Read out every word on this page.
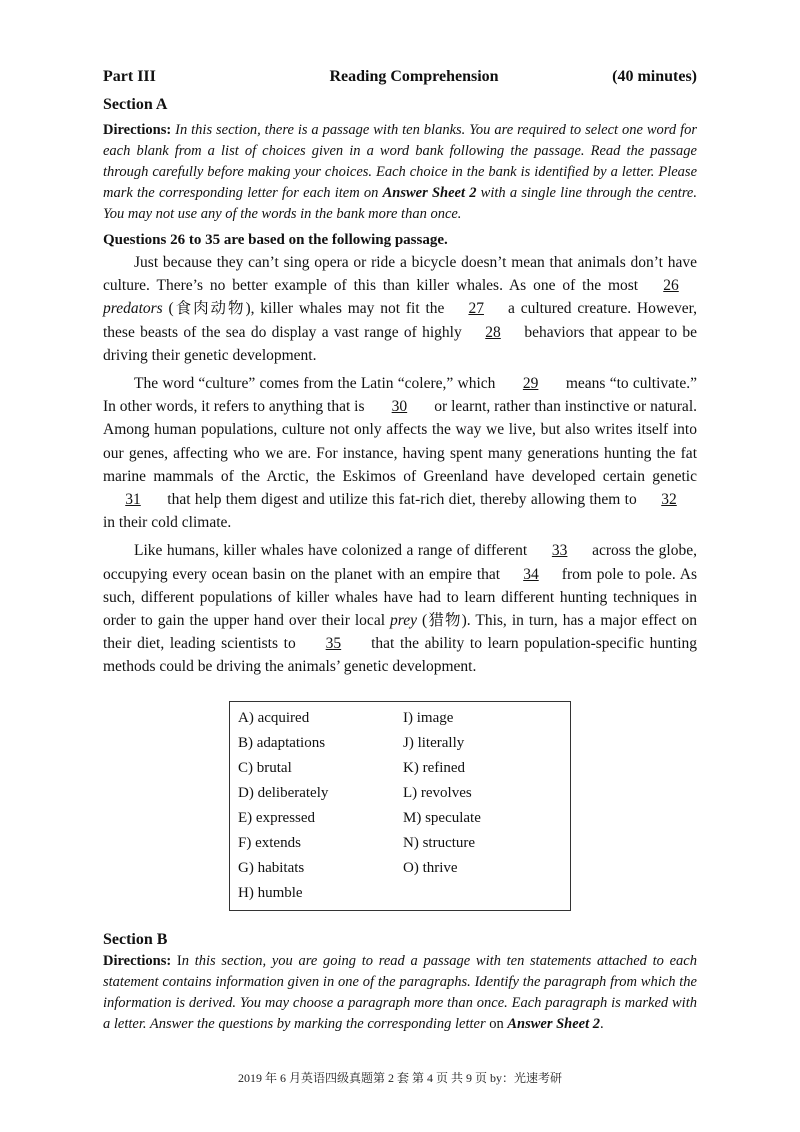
Part III	Reading Comprehension	(40 minutes)
Section A
Directions: In this section, there is a passage with ten blanks. You are required to select one word for each blank from a list of choices given in a word bank following the passage. Read the passage through carefully before making your choices. Each choice in the bank is identified by a letter. Please mark the corresponding letter for each item on Answer Sheet 2 with a single line through the centre. You may not use any of the words in the bank more than once.
Questions 26 to 35 are based on the following passage.

Just because they can’t sing opera or ride a bicycle doesn’t mean that animals don’t have culture. There’s no better example of this than killer whales. As one of the most 26 predators (食肉动物), killer whales may not fit the 27 a cultured creature. However, these beasts of the sea do display a vast range of highly 28 behaviors that appear to be driving their genetic development.

The word “culture” comes from the Latin “colere,” which 29 means “to cultivate.” In other words, it refers to anything that is 30 or learnt, rather than instinctive or natural. Among human populations, culture not only affects the way we live, but also writes itself into our genes, affecting who we are. For instance, having spent many generations hunting the fat marine mammals of the Arctic, the Eskimos of Greenland have developed certain genetic 31 that help them digest and utilize this fat-rich diet, thereby allowing them to 32 in their cold climate.

Like humans, killer whales have colonized a range of different 33 across the globe, occupying every ocean basin on the planet with an empire that 34 from pole to pole. As such, different populations of killer whales have had to learn different hunting techniques in order to gain the upper hand over their local prey (猎物). This, in turn, has a major effect on their diet, leading scientists to 35 that the ability to learn population-specific hunting methods could be driving the animals’ genetic development.

A) acquired	I) image
B) adaptations	J) literally
C) brutal	K) refined
D) deliberately	L) revolves
E) expressed	M) speculate
F) extends	N) structure
G) habitats	O) thrive
H) humble
Section B
Directions: In this section, you are going to read a passage with ten statements attached to each statement contains information given in one of the paragraphs. Identify the paragraph from which the information is derived. You may choose a paragraph more than once. Each paragraph is marked with a letter. Answer the questions by marking the corresponding letter on Answer Sheet 2.
2019 年 6 月英语四级真题第 2 套 第 4 页 共 9 页 by：光速考研
